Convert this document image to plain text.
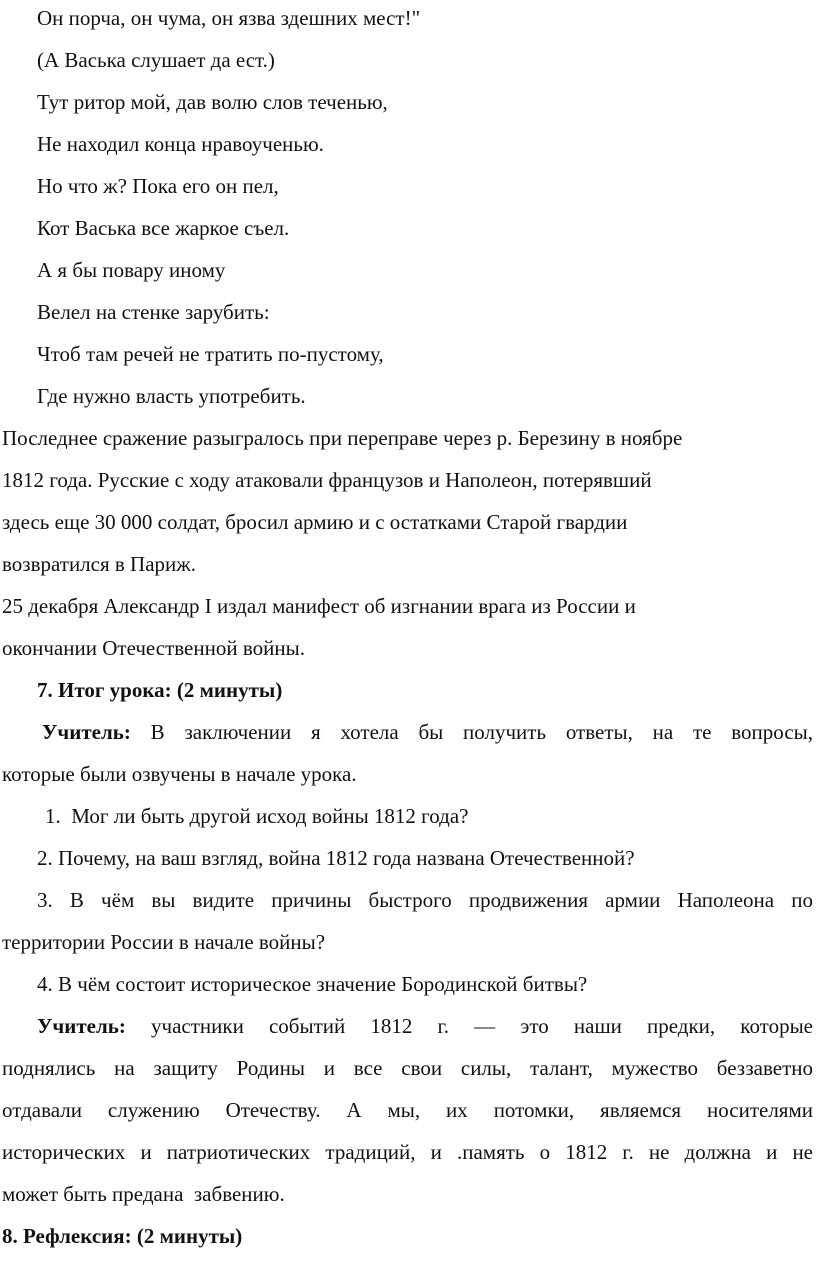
Он порча, он чума, он язва здешних мест!"
(А Васька слушает да ест.)
Тут ритор мой, дав волю слов теченью,
Не находил конца нравоученью.
Но что ж? Пока его он пел,
Кот Васька все жаркое съел.
А я бы повару иному
Велел на стенке зарубить:
Чтоб там речей не тратить по-пустому,
Где нужно власть употребить.
Последнее сражение разыгралось при переправе через р. Березину в ноябре
1812 года. Русские с ходу атаковали французов и Наполеон, потерявший
здесь еще 30 000 солдат, бросил армию и с остатками Старой гвардии
возвратился в Париж.
25 декабря Александр I издал манифест об изгнании врага из России и
окончании Отечественной войны.
7. Итог урока: (2 минуты)
Учитель: В заключении я хотела бы получить ответы, на те вопросы,
которые были озвучены в начале урока.
1. Мог ли быть другой исход войны 1812 года?
2. Почему, на ваш взгляд, война 1812 года названа Отечественной?
3. В чём вы видите причины быстрого продвижения армии Наполеона по
территории России в начале войны?
4. В чём состоит историческое значение Бородинской битвы?
Учитель: участники событий 1812 г. — это наши предки, которые
поднялись на защиту Родины и все свои силы, талант, мужество беззаветно
отдавали служению Отечеству. А мы, их потомки, являемся носителями
исторических и патриотических традиций, и .память о 1812 г. не должна и не
может быть предана  забвению.
8. Рефлексия: (2 минуты)
